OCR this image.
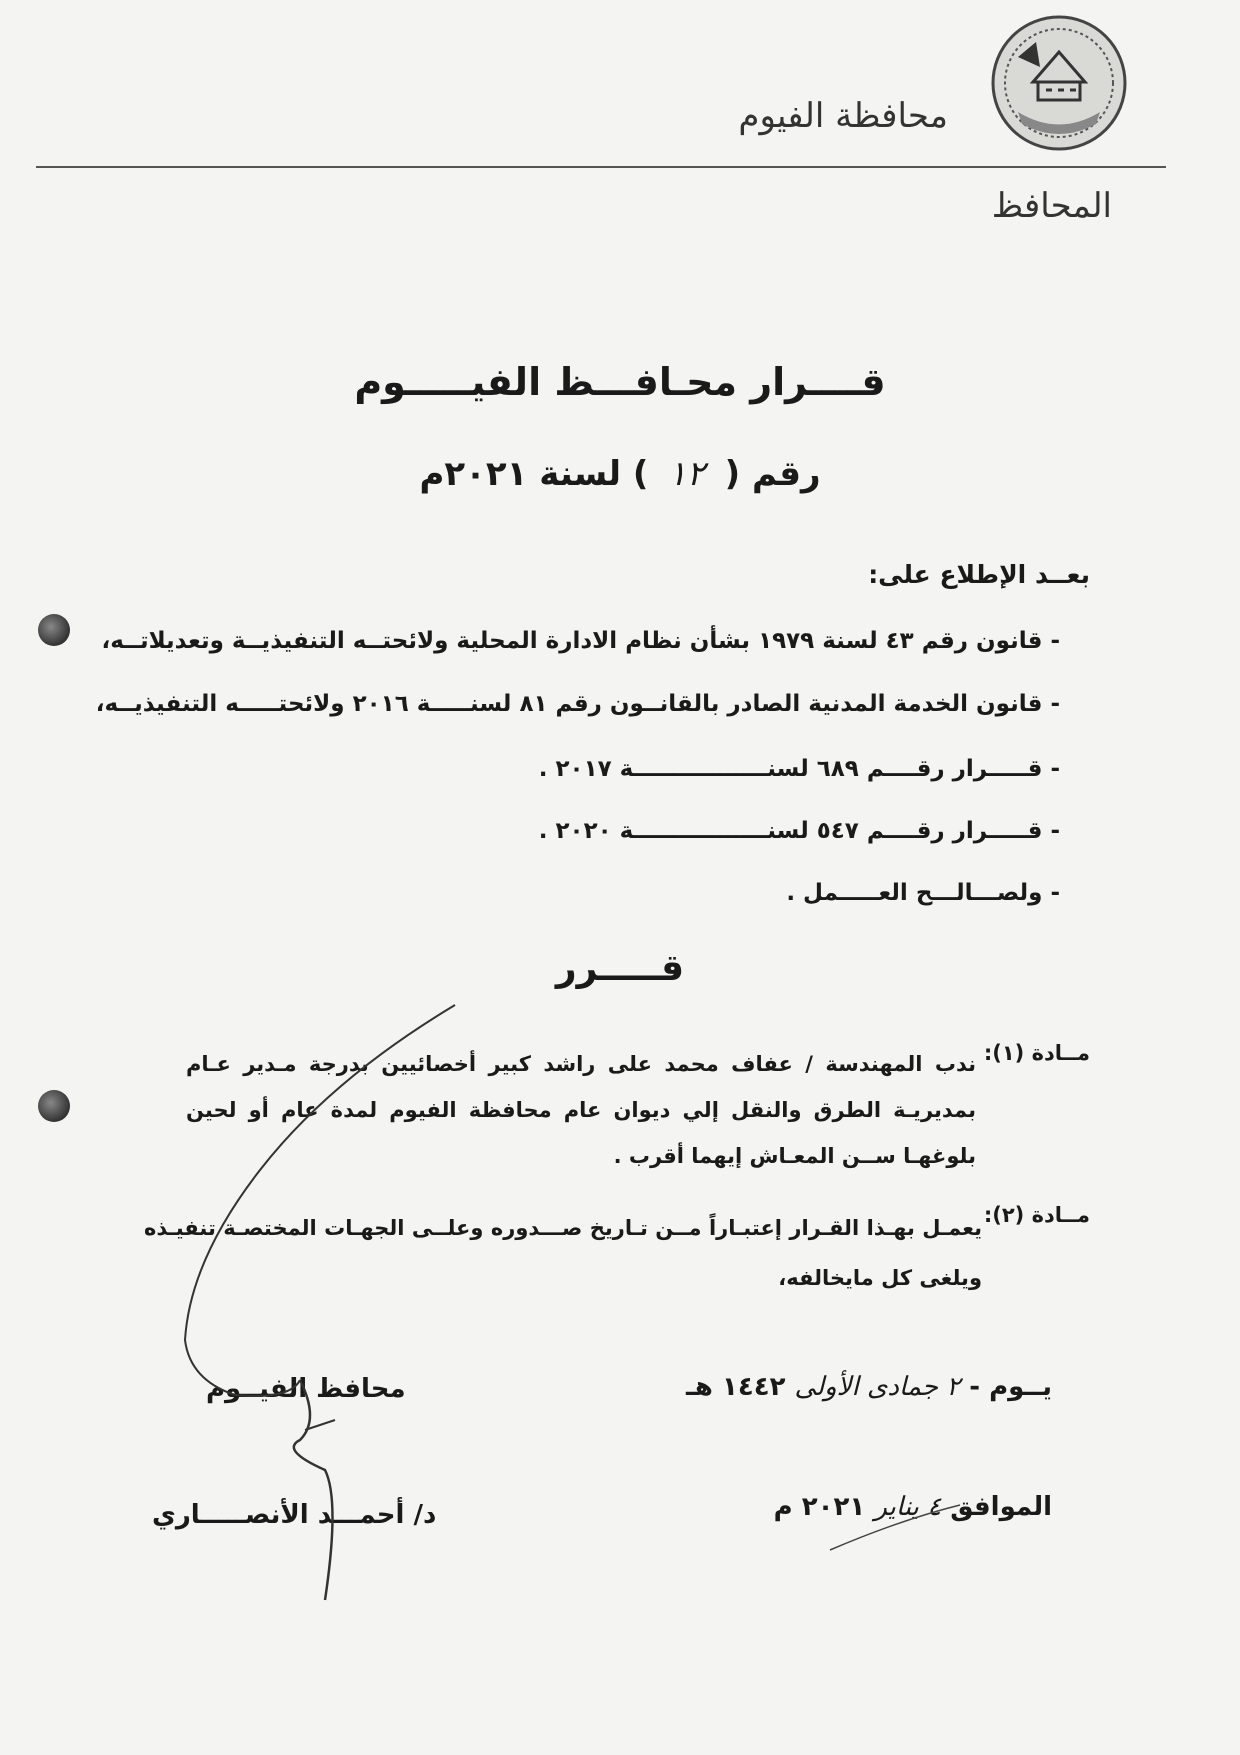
محافظة الفيوم
المحافظ
قــــرار محـافـــظ الفيـــــوم
رقم ( ١٢ ) لسنة ٢٠٢١م
بعــد الإطلاع على:
- قانون رقم ٤٣ لسنة ١٩٧٩ بشأن نظام الادارة المحلية ولائحتــه التنفيذيــة وتعديلاتــه،
- قانون الخدمة المدنية الصادر بالقانــون رقم ٨١ لسنـــــة ٢٠١٦ ولائحتـــــه التنفيذيــه،
- قـــــرار رقــــم ٦٨٩ لسنـــــــــــــــــة ٢٠١٧ .
- قـــــرار رقــــم ٥٤٧ لسنـــــــــــــــــة ٢٠٢٠ .
- ولصـــالـــح العـــــمل .
قـــــرر
مــادة (١):
ندب المهندسة / عفاف محمد على راشد كبير أخصائيين بدرجة مـدير عـام بمديريـة الطرق والنقل إلي ديوان عام محافظة الفيوم لمدة عام أو لحين بلوغهـا ســن المعـاش إيهما أقرب .
مــادة (٢):
يعمـل بهـذا القـرار إعتبـاراً مــن تـاريخ صـــدوره وعلــى الجهـات المختصـة تنفيـذه ويلغى كل مايخالفه،
يــوم - ٢ جمادى الأولى ١٤٤٢ هـ
الموافق ٤ يناير ٢٠٢١ م
محافظ الفيــوم
د/ أحمـــد الأنصـــــاري
